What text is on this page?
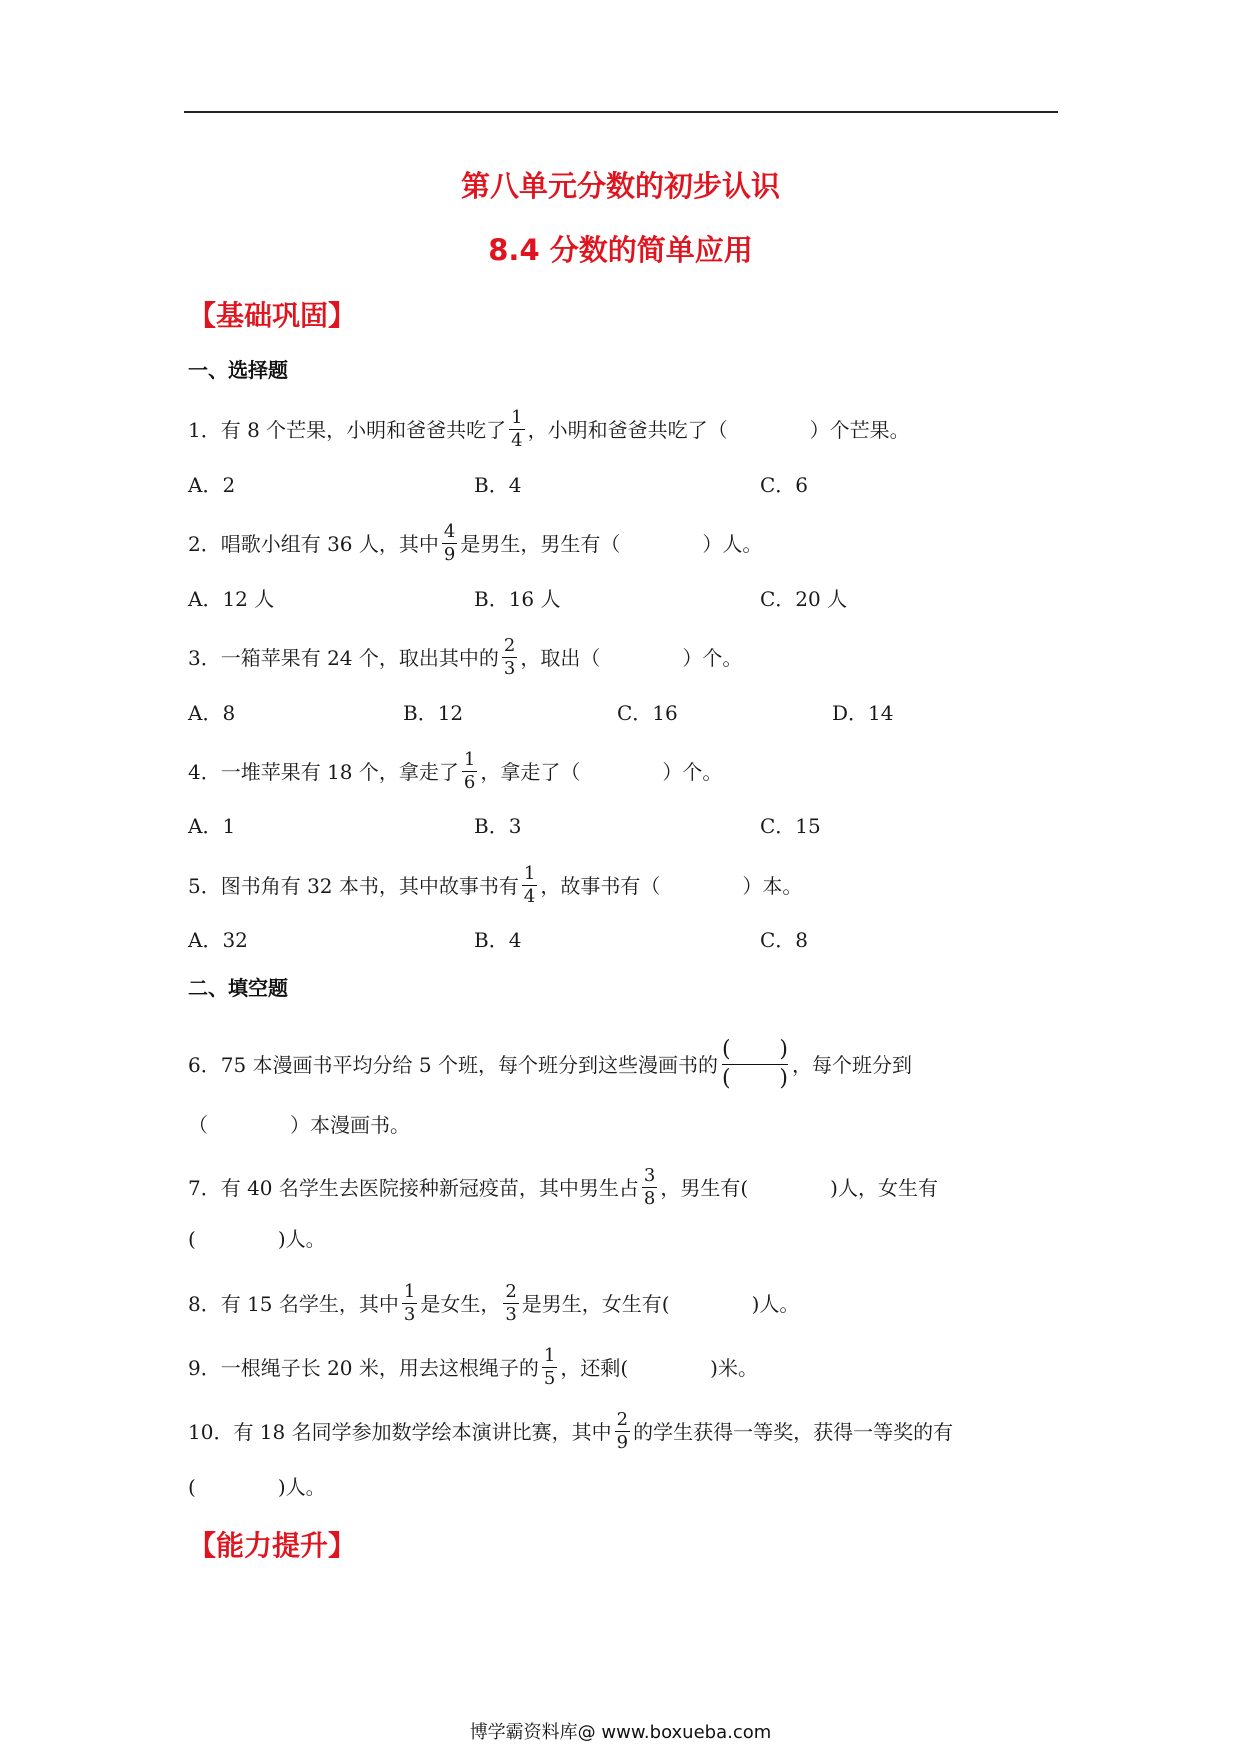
第八单元分数的初步认识
8.4 分数的简单应用
【基础巩固】
一、选择题
1．有 8 个芒果，小明和爸爸共吃了 $\frac{1}{4}$ ，小明和爸爸共吃了（	）个芒果。
A．2	B．4	C．6
2．唱歌小组有 36 人，其中 $\frac{4}{9}$ 是男生，男生有（	）人。
A．12 人	B．16 人	C．20 人
3．一箱苹果有 24 个，取出其中的 $\frac{2}{3}$ ，取出（	）个。
A．8	B．12	C．16	D．14
4．一堆苹果有 18 个，拿走了 $\frac{1}{6}$ ，拿走了（	）个。
A．1	B．3	C．15
5．图书角有 32 本书，其中故事书有 $\frac{1}{4}$ ，故事书有（	）本。
A．32	B．4	C．8
二、填空题
6．75 本漫画书平均分给 5 个班，每个班分到这些漫画书的
( )
( )
，每个班分到
（	）本漫画书。
7．有 40 名学生去医院接种新冠疫苗，其中男生占 $\frac{3}{8}$ ，男生有(	)人，女生有
(	)人。
8．有 15 名学生，其中 $\frac{1}{3}$ 是女生， $\frac{2}{3}$ 是男生，女生有(	)人。
9．一根绳子长 20 米，用去这根绳子的 $\frac{1}{5}$ ，还剩(	)米。
10．有 18 名同学参加数学绘本演讲比赛，其中 $\frac{2}{9}$ 的学生获得一等奖，获得一等奖的有
(	)人。
【能力提升】
博学霸资料库@ www.boxueba.com
